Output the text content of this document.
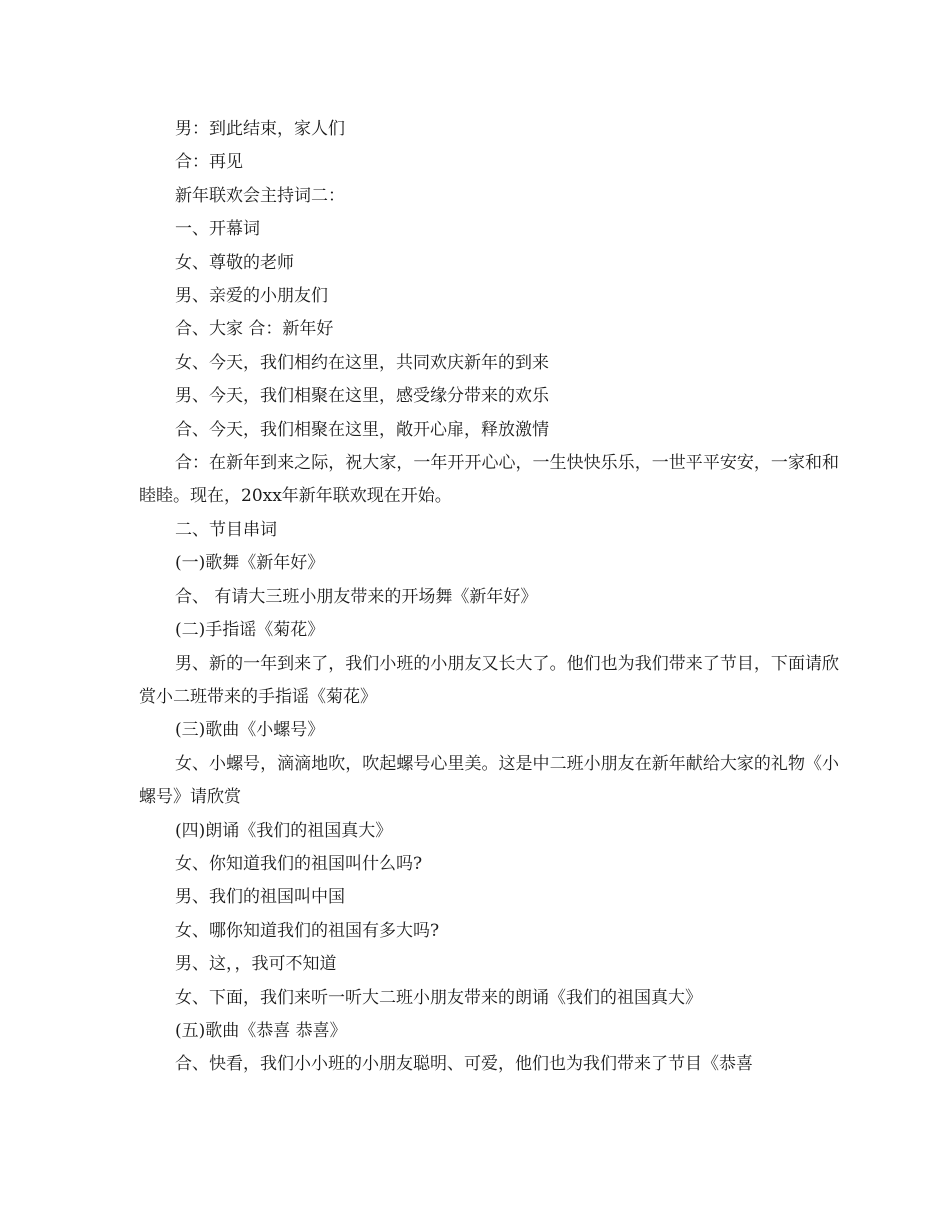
男：到此结束，家人们

合：再见

新年联欢会主持词二：

一、开幕词

女、尊敬的老师

男、亲爱的小朋友们

合、大家 合：新年好

女、今天，我们相约在这里，共同欢庆新年的到来

男、今天，我们相聚在这里，感受缘分带来的欢乐

合、今天，我们相聚在这里，敞开心扉，释放激情

合：在新年到来之际，祝大家，一年开开心心，一生快快乐乐，一世平平安安，一家和和睦睦。现在，20xx年新年联欢现在开始。

二、节目串词

(一)歌舞《新年好》

合、 有请大三班小朋友带来的开场舞《新年好》

(二)手指谣《菊花》

男、新的一年到来了，我们小班的小朋友又长大了。他们也为我们带来了节目，下面请欣赏小二班带来的手指谣《菊花》

(三)歌曲《小螺号》

女、小螺号，滴滴地吹，吹起螺号心里美。这是中二班小朋友在新年献给大家的礼物《小螺号》请欣赏

(四)朗诵《我们的祖国真大》

女、你知道我们的祖国叫什么吗?

男、我们的祖国叫中国

女、哪你知道我们的祖国有多大吗?

男、这，，我可不知道

女、下面，我们来听一听大二班小朋友带来的朗诵《我们的祖国真大》

(五)歌曲《恭喜 恭喜》

合、快看，我们小小班的小朋友聪明、可爱，他们也为我们带来了节目《恭喜
